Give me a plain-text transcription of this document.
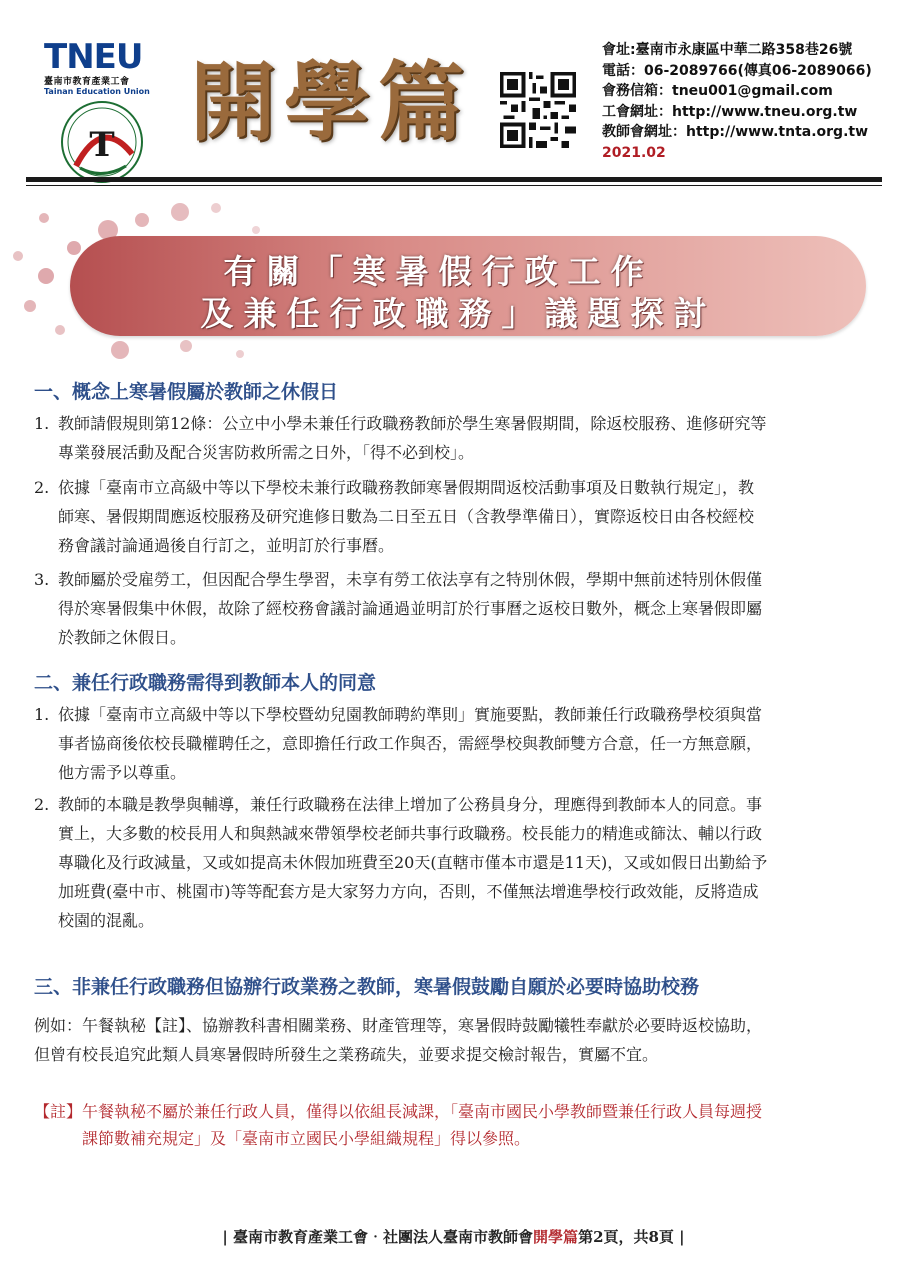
TNEU
臺南市教育產業工會
Tainan Education Union
T 開學篇
會址:臺南市永康區中華二路358巷26號
電話：06-2089766(傳真06-2089066)
會務信箱：tneu001@gmail.com
工會網址：http://www.tneu.org.tw
教師會網址：http://www.tnta.org.tw
2021.02
有關「寒暑假行政工作
及兼任行政職務」議題探討
一、概念上寒暑假屬於教師之休假日
1. 教師請假規則第12條：公立中小學未兼任行政職務教師於學生寒暑假期間，除返校服務、進修研究等
專業發展活動及配合災害防救所需之日外，「得不必到校」。
2. 依據「臺南市立高級中等以下學校未兼行政職務教師寒暑假期間返校活動事項及日數執行規定」，教
師寒、暑假期間應返校服務及研究進修日數為二日至五日（含教學準備日），實際返校日由各校經校
務會議討論通過後自行訂之，並明訂於行事曆。
3. 教師屬於受雇勞工，但因配合學生學習，未享有勞工依法享有之特別休假，學期中無前述特別休假僅
得於寒暑假集中休假，故除了經校務會議討論通過並明訂於行事曆之返校日數外，概念上寒暑假即屬
於教師之休假日。
二、兼任行政職務需得到教師本人的同意
1. 依據「臺南市立高級中等以下學校暨幼兒園教師聘約準則」實施要點，教師兼任行政職務學校須與當
事者協商後依校長職權聘任之，意即擔任行政工作與否，需經學校與教師雙方合意，任一方無意願，
他方需予以尊重。
2. 教師的本職是教學與輔導，兼任行政職務在法律上增加了公務員身分，理應得到教師本人的同意。事
實上，大多數的校長用人和與熱誠來帶領學校老師共事行政職務。校長能力的精進或篩汰、輔以行政
專職化及行政減量，又或如提高未休假加班費至20天(直轄市僅本市還是11天)，又或如假日出勤給予
加班費(臺中市、桃園市)等等配套方是大家努力方向，否則，不僅無法增進學校行政效能，反將造成
校園的混亂。
三、非兼任行政職務但協辦行政業務之教師，寒暑假鼓勵自願於必要時協助校務
例如：午餐執秘【註】、協辦教科書相關業務、財產管理等，寒暑假時鼓勵犧牲奉獻於必要時返校協助，
但曾有校長追究此類人員寒暑假時所發生之業務疏失，並要求提交檢討報告，實屬不宜。
【註】午餐執秘不屬於兼任行政人員，僅得以依組長減課，「臺南市國民小學教師暨兼任行政人員每週授
課節數補充規定」及「臺南市立國民小學組織規程」得以參照。
| 臺南市教育產業工會‧社團法人臺南市教師會開學篇第2頁，共8頁 |
